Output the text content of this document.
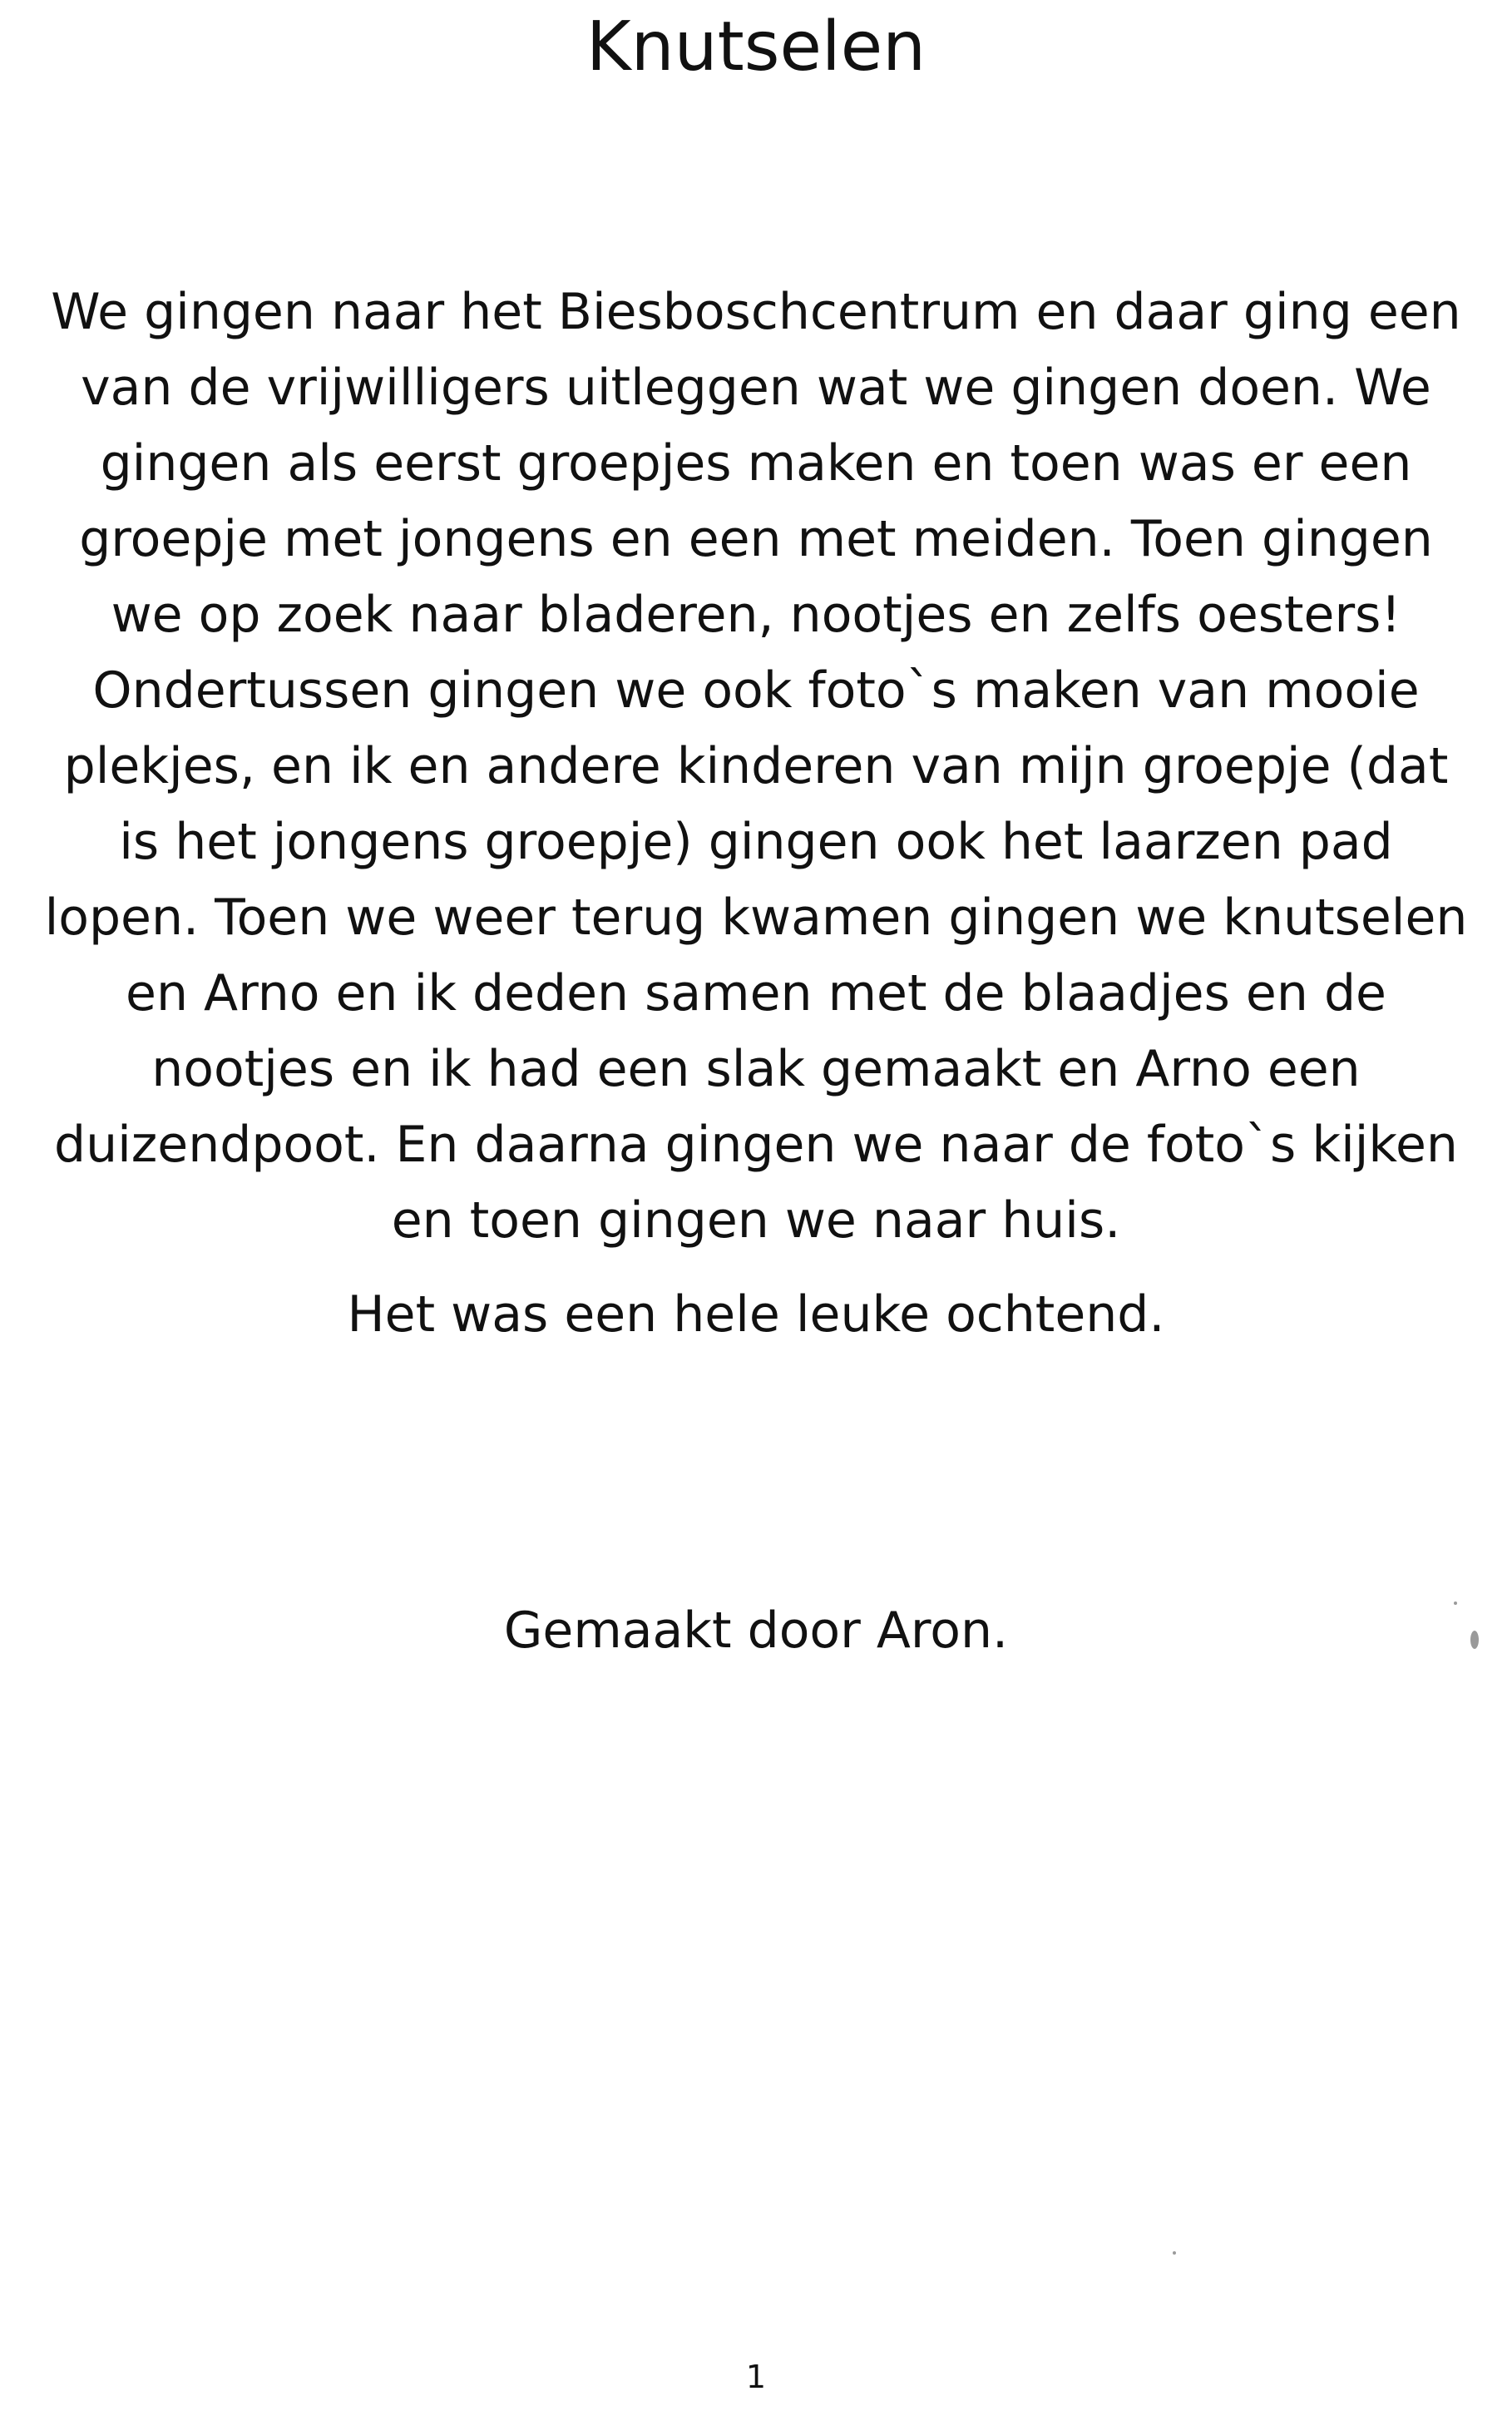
Knutselen

We gingen naar het Biesboschcentrum en daar ging een
van de vrijwilligers uitleggen wat we gingen doen. We
gingen als eerst groepjes maken en toen was er een
groepje met jongens en een met meiden. Toen gingen
we op zoek naar bladeren, nootjes en zelfs oesters!
Ondertussen gingen we ook foto`s maken van mooie
plekjes, en ik en andere kinderen van mijn groepje (dat
is het jongens groepje) gingen ook het laarzen pad
lopen. Toen we weer terug kwamen gingen we knutselen
en Arno en ik deden samen met de blaadjes en de
nootjes en ik had een slak gemaakt en Arno een
duizendpoot. En daarna gingen we naar de foto`s kijken
en toen gingen we naar huis.

Het was een hele leuke ochtend.

Gemaakt door Aron.

1
